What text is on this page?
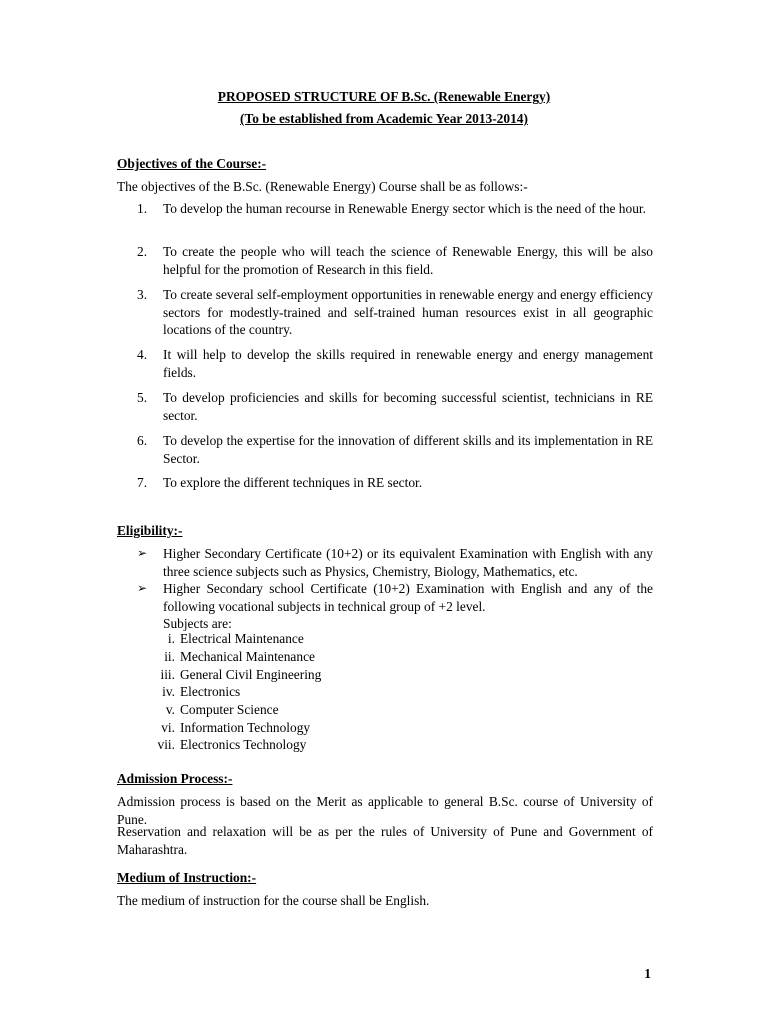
PROPOSED STRUCTURE OF B.Sc. (Renewable Energy)
(To be established from Academic Year 2013-2014)
Objectives of the Course:-
The objectives of the B.Sc. (Renewable Energy) Course shall be as follows:-
1.	To develop the human recourse in Renewable Energy sector which is the need of the hour.
2.	To create the people who will teach the science of Renewable Energy, this will be also helpful for the promotion of Research in this field.
3.	To create several self-employment opportunities in renewable energy and energy efficiency sectors for modestly-trained and self-trained human resources exist in all geographic locations of the country.
4.	It will help to develop the skills required in renewable energy and energy management fields.
5.	To develop proficiencies and skills for becoming successful scientist, technicians in RE sector.
6.	To develop the expertise for the innovation of different skills and its implementation in RE Sector.
7.	To explore the different techniques in RE sector.
Eligibility:-
➢	Higher Secondary Certificate (10+2) or its equivalent Examination with English with any three science subjects such as Physics, Chemistry, Biology, Mathematics, etc.
➢	Higher Secondary school Certificate (10+2) Examination with English and any of the following vocational subjects in technical group of +2 level.
Subjects are:
i. Electrical Maintenance
ii. Mechanical Maintenance
iii. General Civil Engineering
iv. Electronics
v. Computer Science
vi. Information Technology
vii. Electronics Technology
Admission Process:-
Admission process is based on the Merit as applicable to general B.Sc. course of University of Pune.
Reservation and relaxation will be as per the rules of University of Pune and Government of Maharashtra.
Medium of Instruction:-
The medium of instruction for the course shall be English.
1
